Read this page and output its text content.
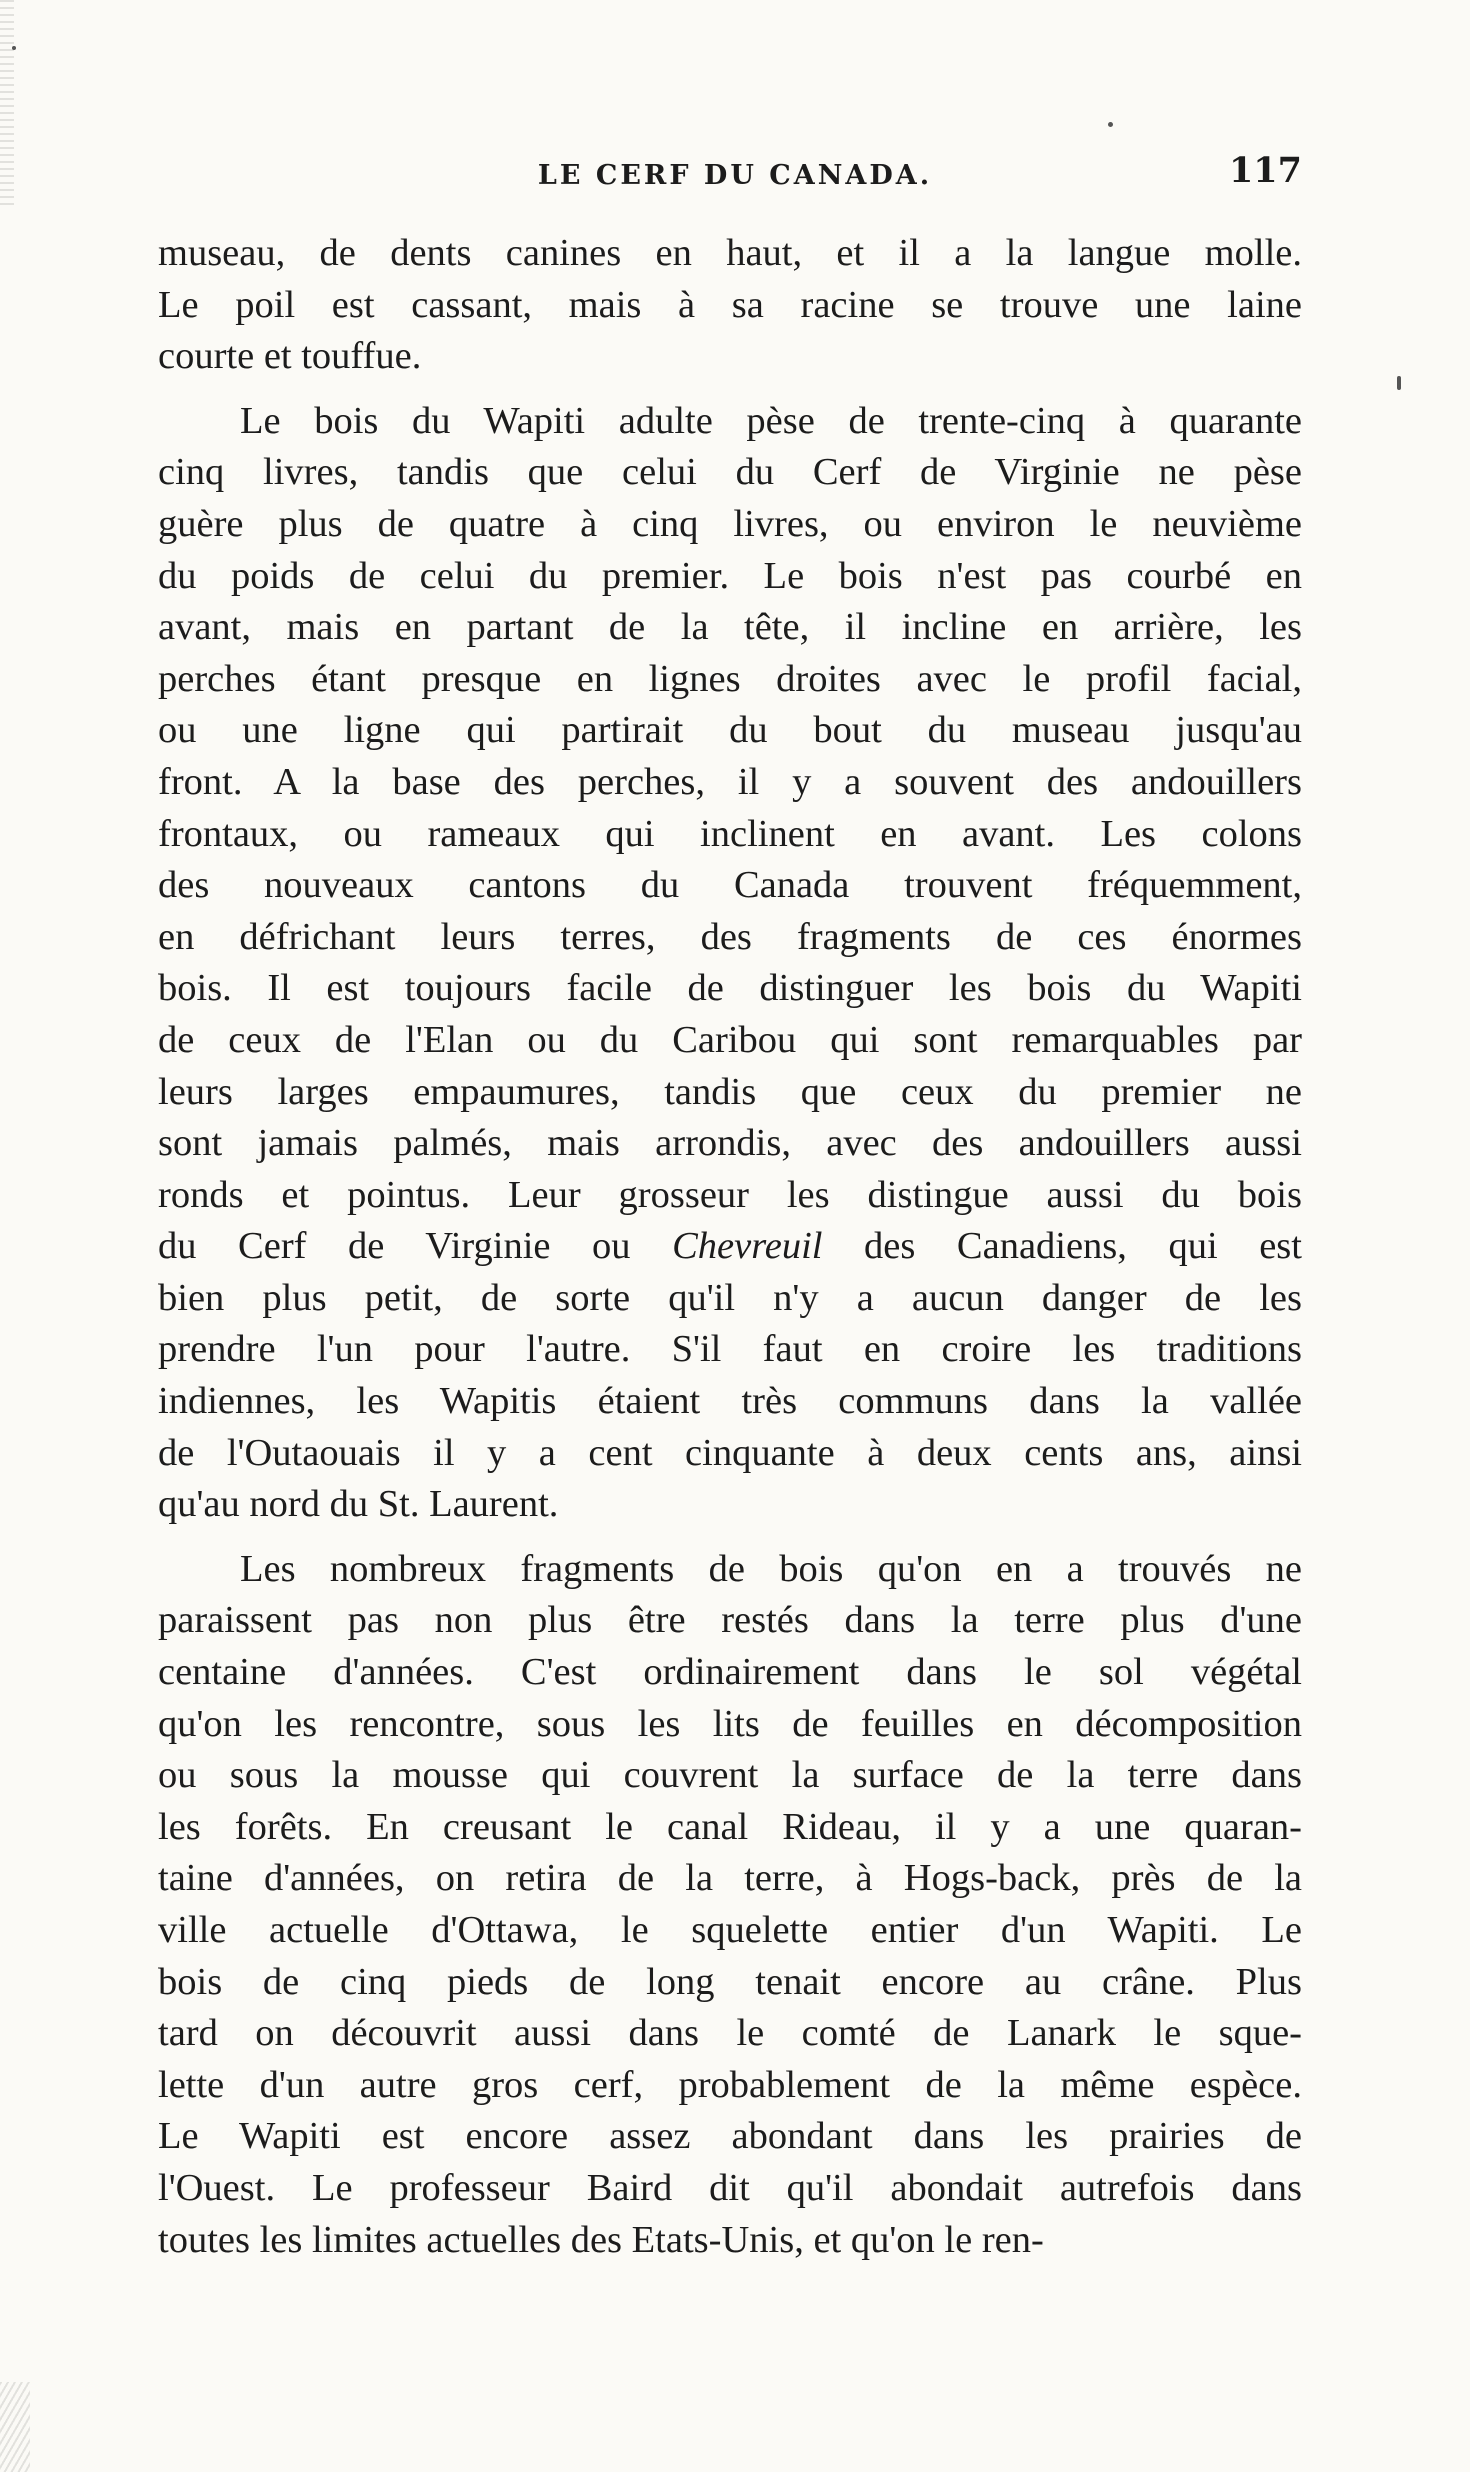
LE CERF DU CANADA.	117
museau, de dents canines en haut, et il a la langue molle.
Le poil est cassant, mais à sa racine se trouve une laine
courte et touffue.
Le bois du Wapiti adulte pèse de trente-cinq à quarante
cinq livres, tandis que celui du Cerf de Virginie ne pèse
guère plus de quatre à cinq livres, ou environ le neuvième
du poids de celui du premier. Le bois n'est pas courbé en
avant, mais en partant de la tête, il incline en arrière, les
perches étant presque en lignes droites avec le profil facial,
ou une ligne qui partirait du bout du museau jusqu'au
front. A la base des perches, il y a souvent des andouillers
frontaux, ou rameaux qui inclinent en avant. Les colons
des nouveaux cantons du Canada trouvent fréquemment,
en défrichant leurs terres, des fragments de ces énormes
bois. Il est toujours facile de distinguer les bois du Wapiti
de ceux de l'Elan ou du Caribou qui sont remarquables par
leurs larges empaumures, tandis que ceux du premier ne
sont jamais palmés, mais arrondis, avec des andouillers aussi
ronds et pointus. Leur grosseur les distingue aussi du bois
du Cerf de Virginie ou Chevreuil des Canadiens, qui est
bien plus petit, de sorte qu'il n'y a aucun danger de les
prendre l'un pour l'autre. S'il faut en croire les traditions
indiennes, les Wapitis étaient très communs dans la vallée
de l'Outaouais il y a cent cinquante à deux cents ans, ainsi
qu'au nord du St. Laurent.
Les nombreux fragments de bois qu'on en a trouvés ne
paraissent pas non plus être restés dans la terre plus d'une
centaine d'années. C'est ordinairement dans le sol végétal
qu'on les rencontre, sous les lits de feuilles en décomposition
ou sous la mousse qui couvrent la surface de la terre dans
les forêts. En creusant le canal Rideau, il y a une quaran-
taine d'années, on retira de la terre, à Hogs-back, près de la
ville actuelle d'Ottawa, le squelette entier d'un Wapiti. Le
bois de cinq pieds de long tenait encore au crâne. Plus
tard on découvrit aussi dans le comté de Lanark le sque-
lette d'un autre gros cerf, probablement de la même espèce.
Le Wapiti est encore assez abondant dans les prairies de
l'Ouest. Le professeur Baird dit qu'il abondait autrefois dans
toutes les limites actuelles des Etats-Unis, et qu'on le ren-
